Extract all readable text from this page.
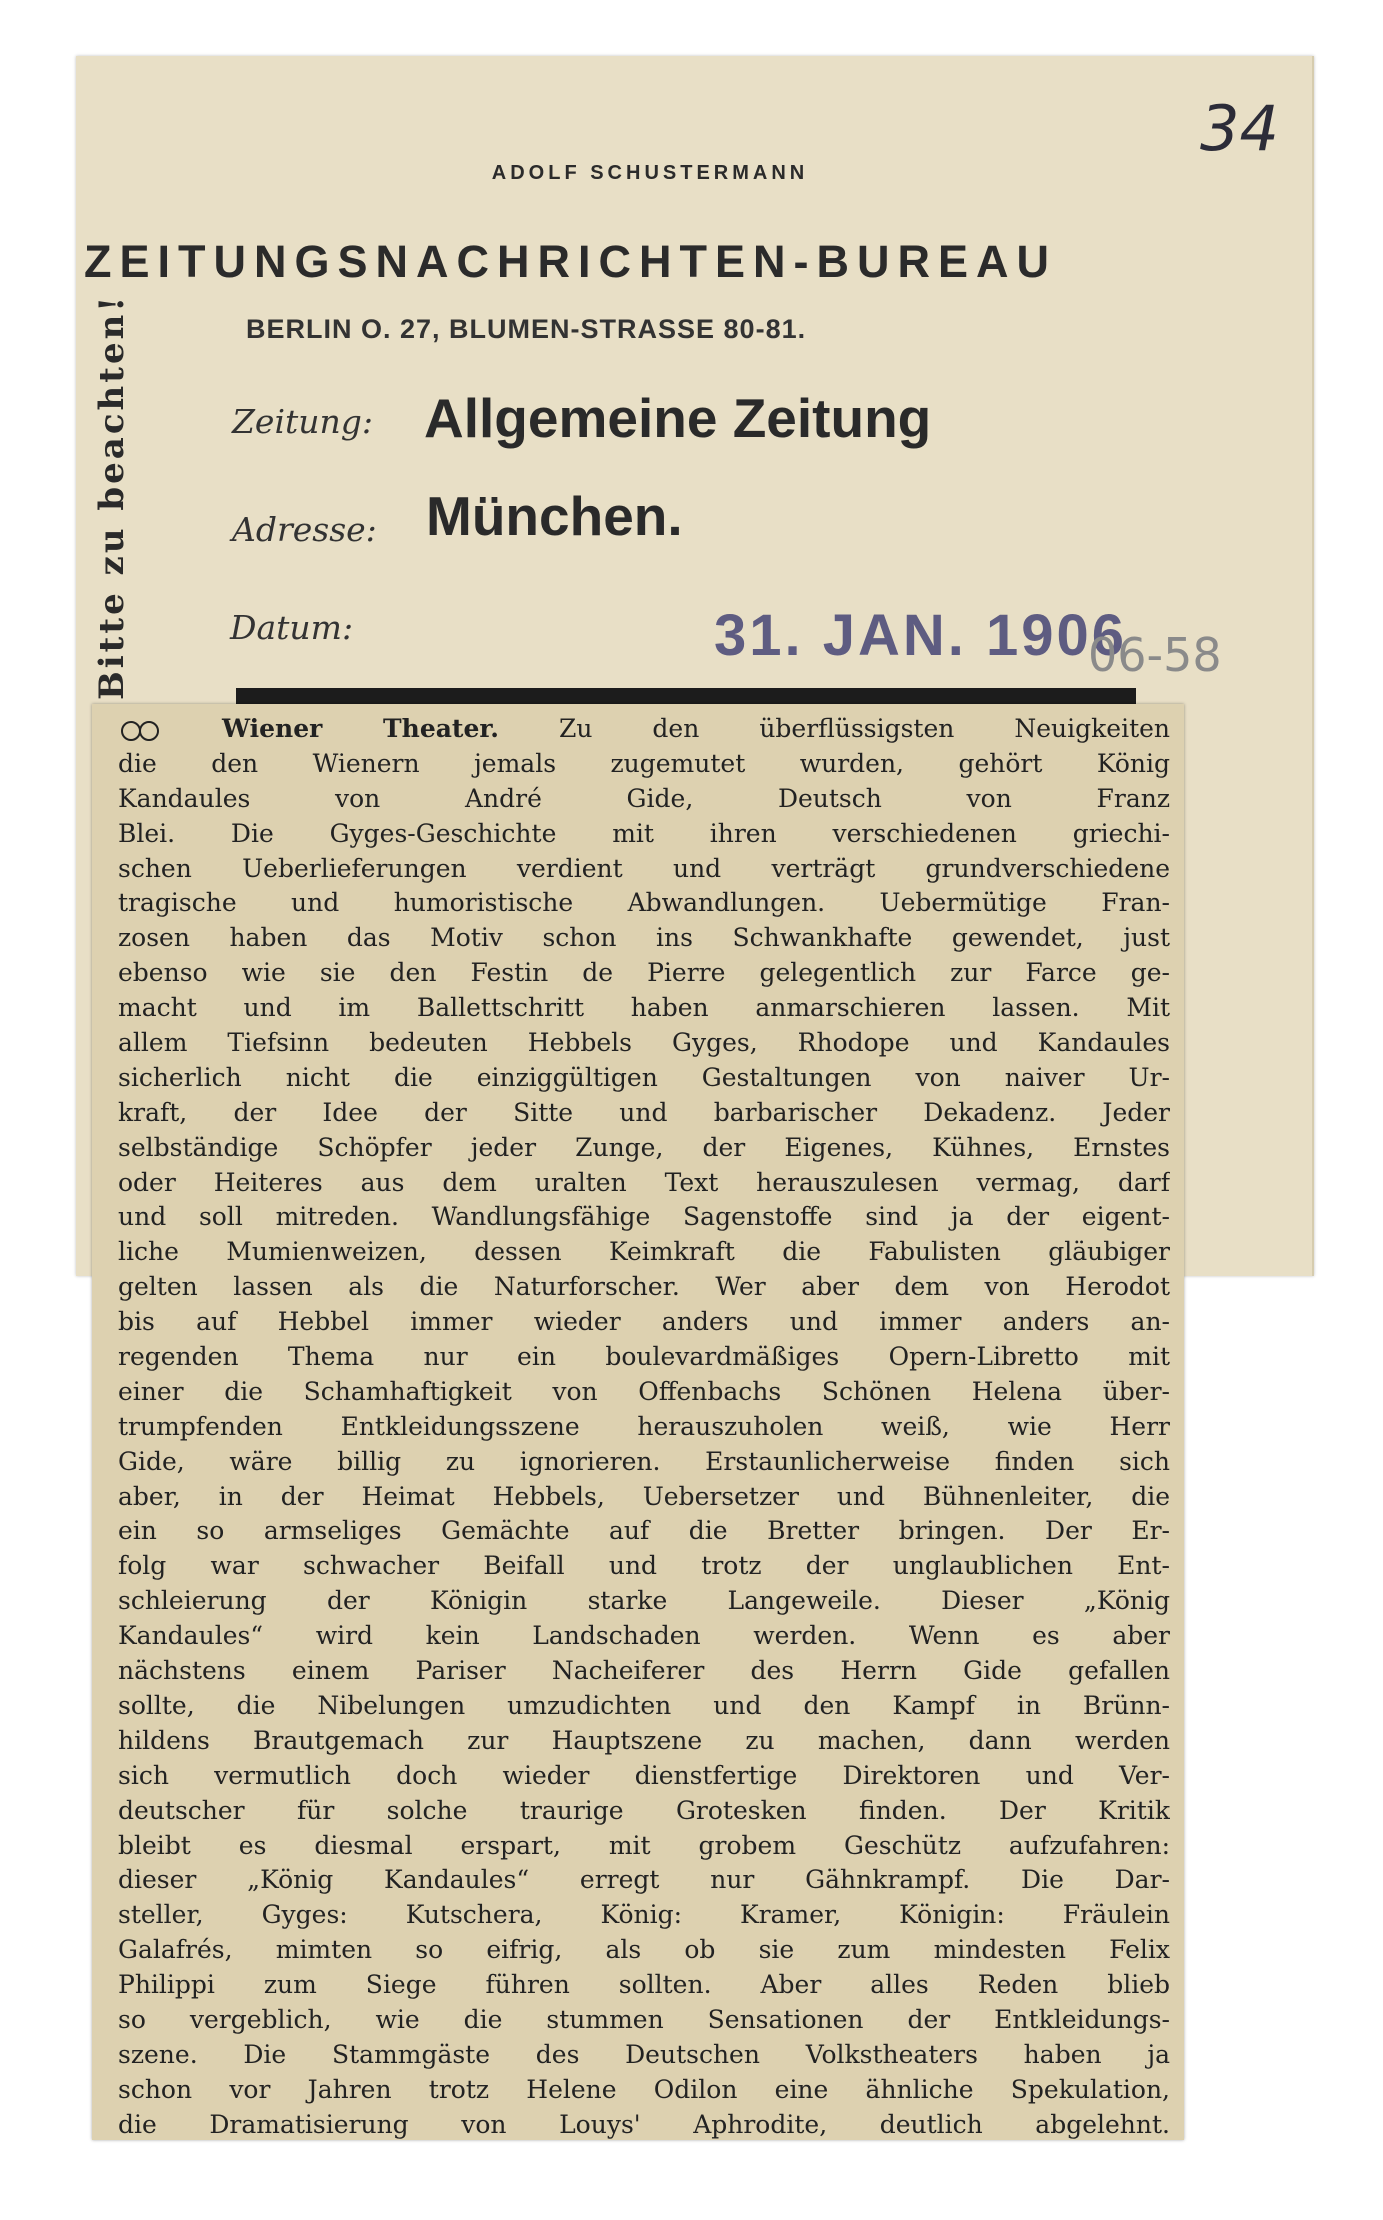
34
ADOLF SCHUSTERMANN
ZEITUNGSNACHRICHTEN-BUREAU
BERLIN O. 27, BLUMEN-STRASSE 80-81.
Bitte zu beachten!	Zeitung: Allgemeine Zeitung
Adresse: München.
Datum:	31. JAN. 1906
06-58
Wiener Theater. Zu den überflüssigsten Neuigkeiten
die den Wienern jemals zugemutet wurden, gehört König
Kandaules von André Gide, Deutsch von Franz
Blei. Die Gyges-Geschichte mit ihren verschiedenen griechi-
schen Ueberlieferungen verdient und verträgt grundverschiedene
tragische und humoristische Abwandlungen. Uebermütige Fran-
zosen haben das Motiv schon ins Schwankhafte gewendet, just
ebenso wie sie den Festin de Pierre gelegentlich zur Farce ge-
macht und im Ballettschritt haben anmarschieren lassen. Mit
allem Tiefsinn bedeuten Hebbels Gyges, Rhodope und Kandaules
sicherlich nicht die einziggültigen Gestaltungen von naiver Ur-
kraft, der Idee der Sitte und barbarischer Dekadenz. Jeder
selbständige Schöpfer jeder Zunge, der Eigenes, Kühnes, Ernstes
oder Heiteres aus dem uralten Text herauszulesen vermag, darf
und soll mitreden. Wandlungsfähige Sagenstoffe sind ja der eigent-
liche Mumienweizen, dessen Keimkraft die Fabulisten gläubiger
gelten lassen als die Naturforscher. Wer aber dem von Herodot
bis auf Hebbel immer wieder anders und immer anders an-
regenden Thema nur ein boulevardmäßiges Opern-Libretto mit
einer die Schamhaftigkeit von Offenbachs Schönen Helena über-
trumpfenden Entkleidungsszene herauszuholen weiß, wie Herr
Gide, wäre billig zu ignorieren. Erstaunlicherweise finden sich
aber, in der Heimat Hebbels, Uebersetzer und Bühnenleiter, die
ein so armseliges Gemächte auf die Bretter bringen. Der Er-
folg war schwacher Beifall und trotz der unglaublichen Ent-
schleierung der Königin starke Langeweile. Dieser „König
Kandaules“ wird kein Landschaden werden. Wenn es aber
nächstens einem Pariser Nacheiferer des Herrn Gide gefallen
sollte, die Nibelungen umzudichten und den Kampf in Brünn-
hildens Brautgemach zur Hauptszene zu machen, dann werden
sich vermutlich doch wieder dienstfertige Direktoren und Ver-
deutscher für solche traurige Grotesken finden. Der Kritik
bleibt es diesmal erspart, mit grobem Geschütz aufzufahren:
dieser „König Kandaules“ erregt nur Gähnkrampf. Die Dar-
steller, Gyges: Kutschera, König: Kramer, Königin: Fräulein
Galafrés, mimten so eifrig, als ob sie zum mindesten Felix
Philippi zum Siege führen sollten. Aber alles Reden blieb
so vergeblich, wie die stummen Sensationen der Entkleidungs-
szene. Die Stammgäste des Deutschen Volkstheaters haben ja
schon vor Jahren trotz Helene Odilon eine ähnliche Spekulation,
die Dramatisierung von Louys' Aphrodite, deutlich abgelehnt.
